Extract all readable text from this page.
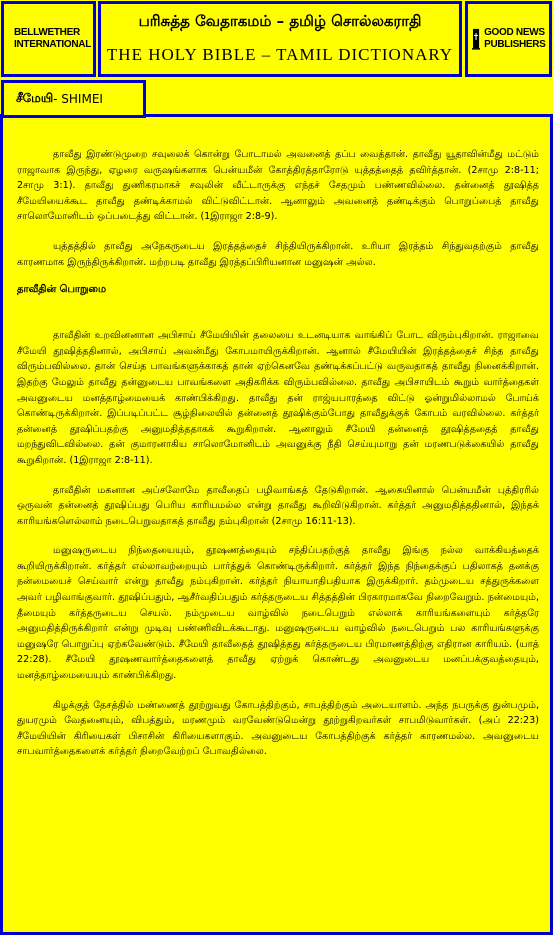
BELLWETHER INTERNATIONAL
பரிசுத்த வேதாகமம் – தமிழ் சொல்லகராதி
THE HOLY BIBLE – TAMIL DICTIONARY
GOOD NEWS PUBLISHERS

தாவீது இரண்டுமுறை சவுலைக் கொன்று போடாமல் அவனைத் தப்ப வைத்தான். தாவீது யூதாவின்மீது மட்டும் ராஜாவாக இருந்து, ஏழரை வருஷங்களாக பென்யமீன் கோத்திரத்தாரோடு யுத்தத்தைத் தவிர்த்தான். (2சாமு 2:8-11; 2சாமு 3:1). தாவீது துணிகரமாகச் சவுலின் வீட்டாருக்கு எந்தச் சேதமும் பண்ணவில்லை. தன்னைத் தூஷித்த சீமேயியைக்கூட தாவீது தண்டிக்காமல் விட்டுவிட்டான். ஆனாலும் அவனைத் தண்டிக்கும் பொறுப்பைத் தாவீது சாலொமோனிடம் ஒப்படைத்து விட்டான். (1இராஜா 2:8-9).

யுத்தத்தில் தாவீது அநேகருடைய இரத்தத்தைச் சிந்தியிருக்கிறான். உரியா இரத்தம் சிந்துவதற்கும் தாவீது காரணமாக இருந்திருக்கிறான். மற்றபடி தாவீது இரத்தப்பிரியனான மனுஷன் அல்ல.

தாவீதின் பொறுமை

தாவீதின் உறவினனான அபிசாய் சீமேயியின் தலையை உடனடியாக வாங்கிப் போட விரும்புகிறான். ராஜாவை சீமேயி தூஷித்ததினால், அபிசாய் அவன்மீது கோபமாயிருக்கிறான். ஆனால் சீமேயியின் இரத்தத்தைச் சிந்த தாவீது விரும்பவில்லை. தான் செய்த பாவங்களுக்காகத் தான் ஏற்கெனவே தண்டிக்கப்பட்டு வருவதாகத் தாவீது நினைக்கிறான். இதற்கு மேலும் தாவீது தன்னுடைய பாவங்களை அதிகரிக்க விரும்பவில்லை. தாவீது அபிசாயிடம் கூறும் வார்த்தைகள் அவனுடைய மனத்தாழ்மையைக் காண்பிக்கிறது. தாவீது தன் ராஜ்யபாரத்தை விட்டு ஓன்றுமில்லாமல் போய்க் கொண்டிருக்கிறான். இப்படிப்பட்ட சூழ்நிலையில் தன்னைத் தூஷிக்கும்போது தாவீதுக்குக் கோபம் வரவில்லை. கர்த்தர் தன்னைத் தூஷிப்பதற்கு அனுமதித்ததாகக் கூறுகிறான். ஆனாலும் சீமேயி தன்னைத் தூஷித்ததைத் தாவீது மறந்துவிடவில்லை. தன் குமாரனாகிய சாலொமோனிடம் அவனுக்கு நீதி செய்யுமாறு தன் மரணபடுக்கையில் தாவீது கூறுகிறான். (1இராஜா 2:8-11).

தாவீதின் மகனான அப்சலோமே தாவீதைப் பழிவாங்கத் தேடுகிறான். ஆகையினால் பென்யமீன் புத்திரரில் ஒருவன் தன்னைத் தூஷிப்பது பெரிய காரியமல்ல என்று தாவீது கூறிவிடுகிறான். கர்த்தர் அனுமதித்ததினால், இந்தக் காரியங்களெல்லாம் நடைபெறுவதாகத் தாவீது நம்புகிறான் (2சாமு 16:11-13).

மனுஷருடைய நிந்தையையும், தூஷணத்தையும் சந்திப்பதற்குத் தாவீது இங்கு நல்ல வாக்கியத்தைக் கூறியிருக்கிறான். கர்த்தர் எல்லாவற்றையும் பார்த்துக் கொண்டிருக்கிறார். கர்த்தர் இந்த நிந்தைக்குப் பதிலாகத் தனக்கு நன்மையைச் செய்வார் என்று தாவீது நம்புகிறான். கர்த்தர் நியாயாதிபதியாக இருக்கிறார். தம்முடைய சத்துருக்களை அவர் பழிவாங்குவார். தூஷிப்பதும், ஆசீர்வதிப்பதும் கர்த்தருடைய சித்தத்தின் பிரகாரமாகவே நிறைவேறும். நன்மையும், தீமையும் கர்த்தருடைய செயல். நம்முடைய வாழ்வில் நடைபெறும் எல்லாக் காரியங்களையும் கர்த்தரே அனுமதித்திருக்கிறார் என்று முடிவு பண்ணிவிடக்கூடாது. மனுஷருடைய வாழ்வில் நடைபெறும் பல காரியங்களுக்கு மனுஷரே பொறுப்பு ஏற்கவேண்டும். சீமேயி தாவீதைத் தூஷித்தது கர்த்தருடைய பிரமாணத்திற்கு எதிரான காரியம். (யாத் 22:28). சீமேயி தூஷணவார்த்தைகளைத் தாவீது ஏற்றுக் கொண்டது அவனுடைய மனப்பக்குவத்தையும், மனத்தாழ்மையையும் காண்பிக்கிறது.

கிழக்குத் தேசத்தில் மண்ணைத் தூற்றுவது கோபத்திற்கும், சாபத்திற்கும் அடையாளம். அந்த நபருக்கு துன்பமும், துயரமும் வேதனையும், விபத்தும், மரணமும் வரவேண்டுமென்று தூற்றுகிறவர்கள் சாபமிடுவார்கள். (அப் 22:23) சீமேயியின் கிரியைகள் பிசாசின் கிரியைகளாகும். அவனுடைய கோபத்திற்குக் கர்த்தர் காரணமல்ல. அவனுடைய சாபவார்த்தைகளைக் கர்த்தர் நிறைவேற்றப் போவதில்லை.

சீமேயி - SHIMEI
